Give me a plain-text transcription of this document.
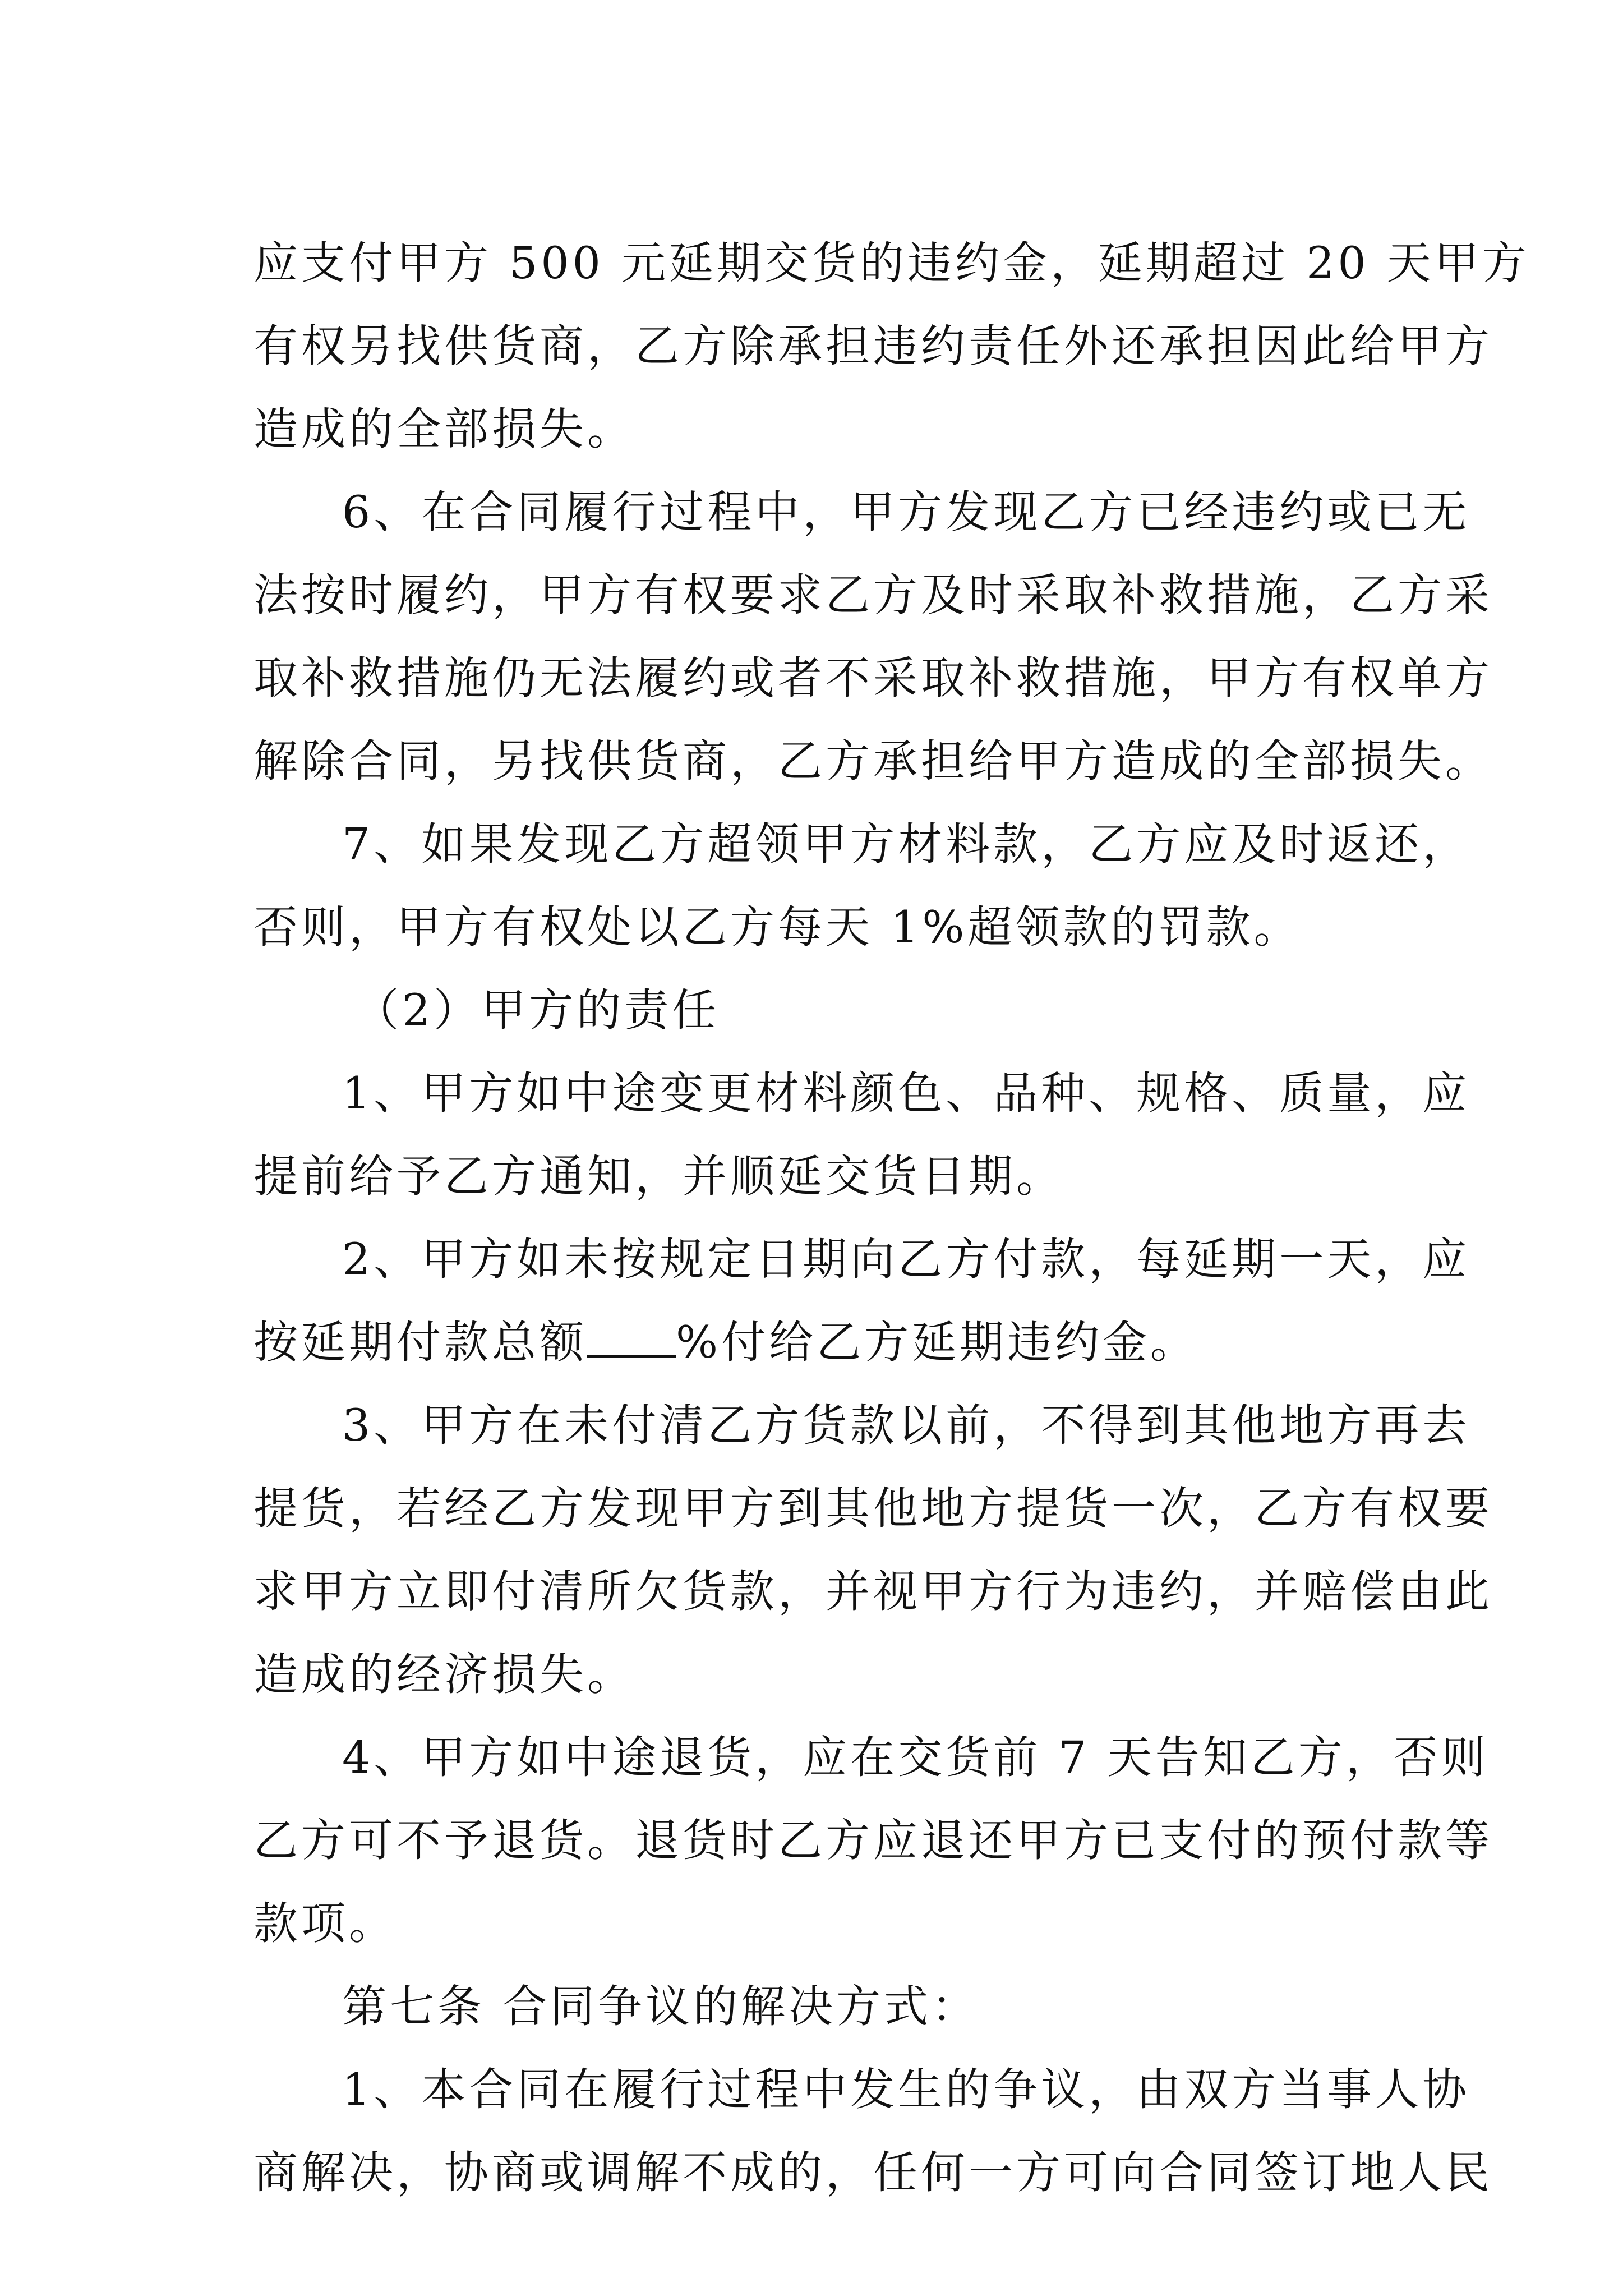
应支付甲方 500 元延期交货的违约金，延期超过 20 天甲方
有权另找供货商，乙方除承担违约责任外还承担因此给甲方
造成的全部损失。
6、在合同履行过程中，甲方发现乙方已经违约或已无
法按时履约，甲方有权要求乙方及时采取补救措施，乙方采
取补救措施仍无法履约或者不采取补救措施，甲方有权单方
解除合同，另找供货商，乙方承担给甲方造成的全部损失。
7、如果发现乙方超领甲方材料款，乙方应及时返还，
否则，甲方有权处以乙方每天 1%超领款的罚款。
（2）甲方的责任
1、甲方如中途变更材料颜色、品种、规格、质量，应
提前给予乙方通知，并顺延交货日期。
2、甲方如未按规定日期向乙方付款，每延期一天，应
按延期付款总额 %付给乙方延期违约金。
3、甲方在未付清乙方货款以前，不得到其他地方再去
提货，若经乙方发现甲方到其他地方提货一次，乙方有权要
求甲方立即付清所欠货款，并视甲方行为违约，并赔偿由此
造成的经济损失。
4、甲方如中途退货，应在交货前 7 天告知乙方，否则
乙方可不予退货。退货时乙方应退还甲方已支付的预付款等
款项。
第七条 合同争议的解决方式：
1、本合同在履行过程中发生的争议，由双方当事人协
商解决，协商或调解不成的，任何一方可向合同签订地人民
